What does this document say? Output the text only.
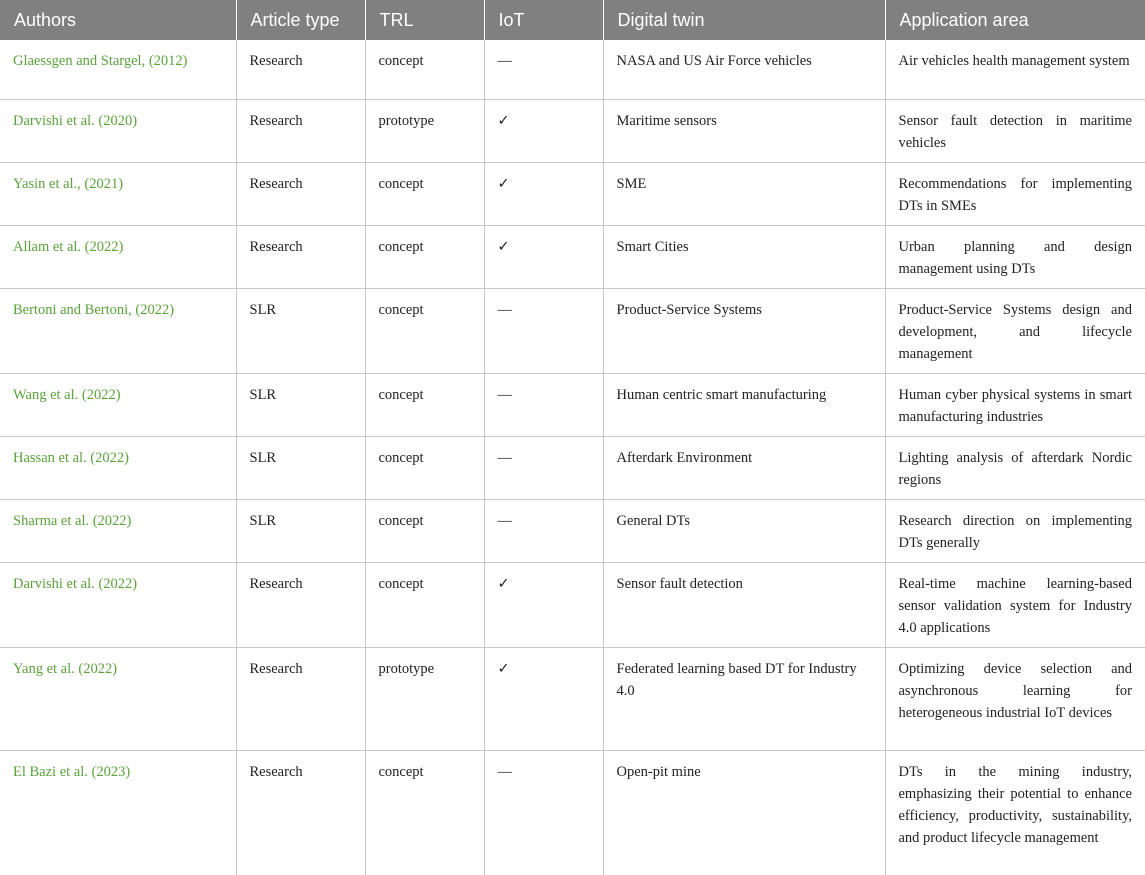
Authors	Article type	TRL	IoT	Digital twin	Application area
Glaessgen and Stargel, (2012)	Research	concept	—	NASA and US Air Force vehicles	Air vehicles health management system
Darvishi et al. (2020)	Research	prototype	✓	Maritime sensors	Sensor fault detection in maritime vehicles
Yasin et al., (2021)	Research	concept	✓	SME	Recommendations for implementing DTs in SMEs
Allam et al. (2022)	Research	concept	✓	Smart Cities	Urban planning and design management using DTs
Bertoni and Bertoni, (2022)	SLR	concept	—	Product-Service Systems	Product-Service Systems design and development, and lifecycle management
Wang et al. (2022)	SLR	concept	—	Human centric smart manufacturing	Human cyber physical systems in smart manufacturing industries
Hassan et al. (2022)	SLR	concept	—	Afterdark Environment	Lighting analysis of afterdark Nordic regions
Sharma et al. (2022)	SLR	concept	—	General DTs	Research direction on implementing DTs generally
Darvishi et al. (2022)	Research	concept	✓	Sensor fault detection	Real-time machine learning-based sensor validation system for Industry 4.0 applications
Yang et al. (2022)	Research	prototype	✓	Federated learning based DT for Industry 4.0	Optimizing device selection and asynchronous learning for heterogeneous industrial IoT devices
El Bazi et al. (2023)	Research	concept	—	Open-pit mine	DTs in the mining industry, emphasizing their potential to enhance efficiency, productivity, sustainability, and product lifecycle management
